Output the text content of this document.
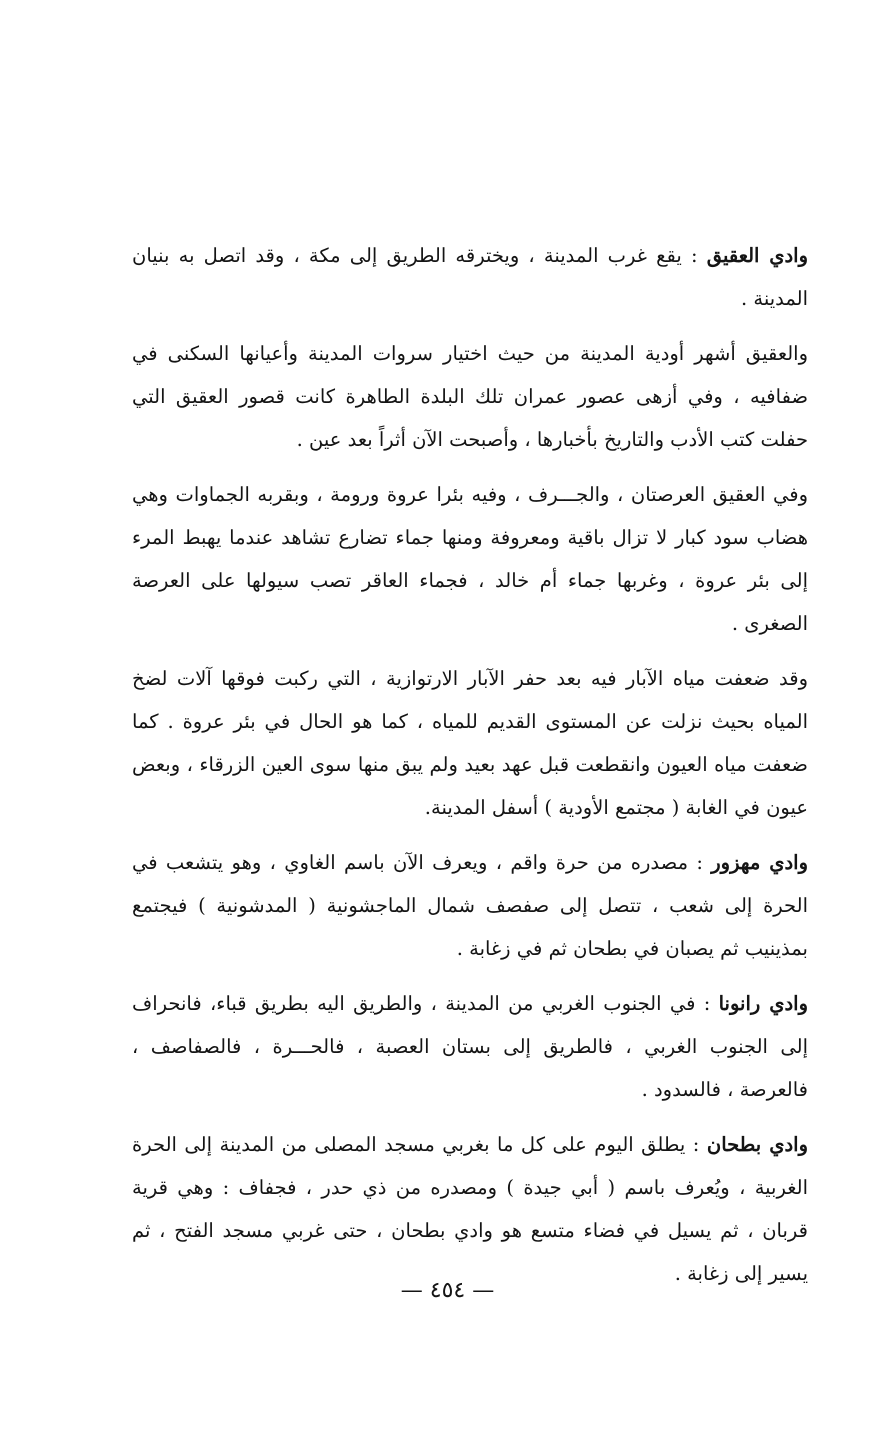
وادي العقيق : يقع غرب المدينة ، ويخترقه الطريق إلى مكة ، وقد اتصل به بنيان المدينة .

والعقيق أشهر أودية المدينة من حيث اختيار سروات المدينة وأعيانها السكنى في ضفافيه ، وفي أزهى عصور عمران تلك البلدة الطاهرة كانت قصور العقيق التي حفلت كتب الأدب والتاريخ بأخبارها ، وأصبحت الآن أثراً بعد عين .

وفي العقيق العرصتان ، والجـــرف ، وفيه بئرا عروة ورومة ، وبقربه الجماوات وهي هضاب سود كبار لا تزال باقية ومعروفة ومنها جماء تضارع تشاهد عندما يهبط المرء إلى بئر عروة ، وغربها جماء أم خالد ، فجماء العاقر تصب سيولها على العرصة الصغرى .

وقد ضعفت مياه الآبار فيه بعد حفر الآبار الارتوازية ، التي ركبت فوقها آلات لضخ المياه بحيث نزلت عن المستوى القديم للمياه ، كما هو الحال في بئر عروة . كما ضعفت مياه العيون وانقطعت قبل عهد بعيد ولم يبق منها سوى العين الزرقاء ، وبعض عيون في الغابة ( مجتمع الأودية ) أسفل المدينة.

وادي مهزور : مصدره من حرة واقم ، ويعرف الآن باسم الغاوي ، وهو يتشعب في الحرة إلى شعب ، تتصل إلى صفصف شمال الماجشونية ( المدشونية ) فيجتمع بمذينيب ثم يصبان في بطحان ثم في زغابة .

وادي رانونا : في الجنوب الغربي من المدينة ، والطريق اليه بطريق قباء، فانحراف إلى الجنوب الغربي ، فالطريق إلى بستان العصبة ، فالحـــرة ، فالصفاصف ، فالعرصة ، فالسدود .

وادي بطحان : يطلق اليوم على كل ما بغربي مسجد المصلى من المدينة إلى الحرة الغربية ، ويُعرف باسم ( أبي جيدة ) ومصدره من ذي حدر ، فجفاف : وهي قرية قربان ، ثم يسيل في فضاء متسع هو وادي بطحان ، حتى غربي مسجد الفتح ، ثم يسير إلى زغابة .

— ٤٥٤ —
